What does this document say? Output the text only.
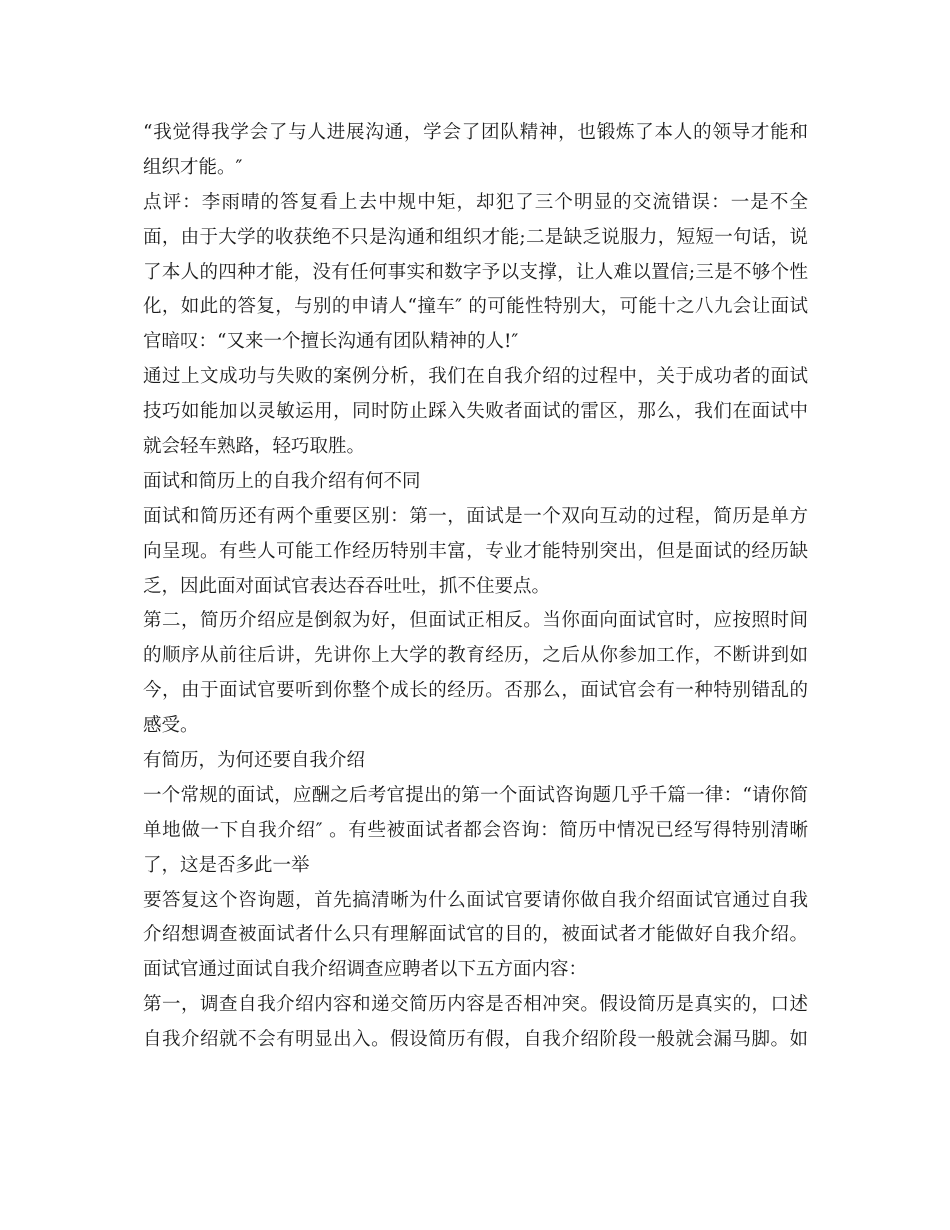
“我觉得我学会了与人进展沟通，学会了团队精神，也锻炼了本人的领导才能和
组织才能。″
点评：李雨晴的答复看上去中规中矩，却犯了三个明显的交流错误：一是不全
面，由于大学的收获绝不只是沟通和组织才能;二是缺乏说服力，短短一句话，说
了本人的四种才能，没有任何事实和数字予以支撑，让人难以置信;三是不够个性
化，如此的答复，与别的申请人“撞车″ 的可能性特别大，可能十之八九会让面试
官暗叹：“又来一个擅长沟通有团队精神的人!″
通过上文成功与失败的案例分析，我们在自我介绍的过程中，关于成功者的面试
技巧如能加以灵敏运用，同时防止踩入失败者面试的雷区，那么，我们在面试中
就会轻车熟路，轻巧取胜。
面试和简历上的自我介绍有何不同
面试和简历还有两个重要区别：第一，面试是一个双向互动的过程，简历是单方
向呈现。有些人可能工作经历特别丰富，专业才能特别突出，但是面试的经历缺
乏，因此面对面试官表达吞吞吐吐，抓不住要点。
第二，简历介绍应是倒叙为好，但面试正相反。当你面向面试官时，应按照时间
的顺序从前往后讲，先讲你上大学的教育经历，之后从你参加工作，不断讲到如
今，由于面试官要听到你整个成长的经历。否那么，面试官会有一种特别错乱的
感受。
有简历，为何还要自我介绍
一个常规的面试，应酬之后考官提出的第一个面试咨询题几乎千篇一律：“请你简
单地做一下自我介绍″ 。有些被面试者都会咨询：简历中情况已经写得特别清晰
了，这是否多此一举
要答复这个咨询题，首先搞清晰为什么面试官要请你做自我介绍面试官通过自我
介绍想调查被面试者什么只有理解面试官的目的，被面试者才能做好自我介绍。
面试官通过面试自我介绍调查应聘者以下五方面内容：
第一，调查自我介绍内容和递交简历内容是否相冲突。假设简历是真实的，口述
自我介绍就不会有明显出入。假设简历有假，自我介绍阶段一般就会漏马脚。如
